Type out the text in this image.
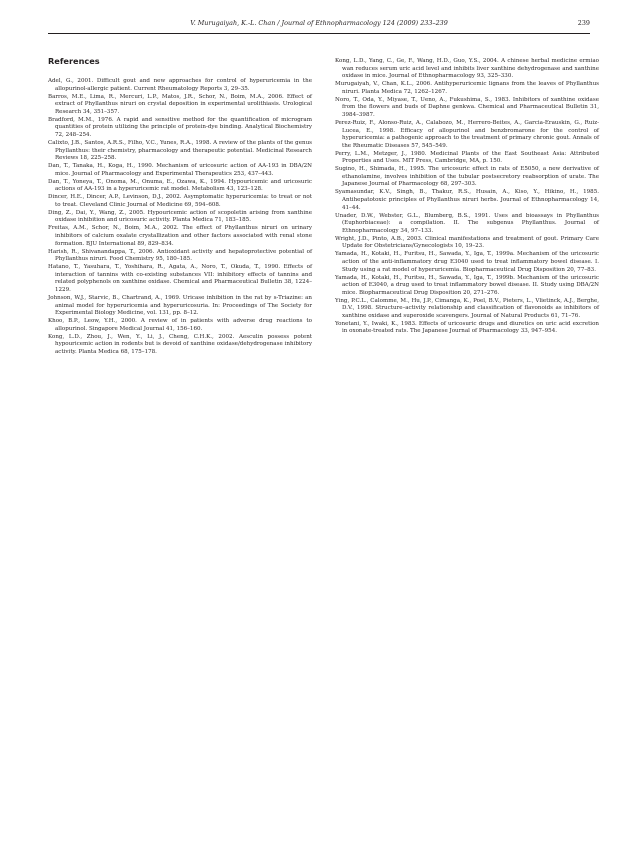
V. Murugaiyah, K.-L. Chan / Journal of Ethnopharmacology 124 (2009) 233–239	239
References

Adel, G., 2001. Difficult gout and new approaches for control of hyperuricemia in the allopurinol-allergic patient. Current Rheumatology Reports 3, 29–35.

Barros, M.E., Lima, R., Mercuri, L.P., Matos, J.R., Schor, N., Boim, M.A., 2006. Effect of extract of Phyllanthus niruri on crystal deposition in experimental urolithiasis. Urological Research 34, 351–357.

Bradford, M.M., 1976. A rapid and sensitive method for the quantification of microgram quantities of protein utilizing the principle of protein-dye binding. Analytical Biochemistry 72, 248–254.

Calixto, J.B., Santos, A.R.S., Filho, V.C., Yunes, R.A., 1998. A review of the plants of the genus Phyllanthus: their chemistry, pharmacology and therapeutic potential. Medicinal Research Reviews 18, 225–258.

Dan, T., Tanaka, H., Koga, H., 1990. Mechanism of uricosuric action of AA-193 in DBA/2N mice. Journal of Pharmacology and Experimental Therapeutics 253, 437–443.

Dan, T., Yoneya, T., Onoma, M., Onuma, E., Ozawa, K., 1994. Hypouricemic and uricosuric actions of AA-193 in a hyperuricemic rat model. Metabolism 43, 123–128.

Dincer, H.E., Dincer, A.P., Levinson, D.J., 2002. Asymptomatic hyperuricemia: to treat or not to treat. Cleveland Clinic Journal of Medicine 69, 594–608.

Ding, Z., Dai, Y., Wang, Z., 2005. Hypouricemic action of scopoletin arising from xanthine oxidase inhibition and uricosuric activity. Planta Medica 71, 183–185.

Freitas, A.M., Schor, N., Boim, M.A., 2002. The effect of Phyllanthus niruri on urinary inhibitors of calcium oxalate crystallization and other factors associated with renal stone formation. BJU International 89, 829–834.

Harish, R., Shivanandappa, T., 2006. Antioxidant activity and hepatoprotective potential of Phyllanthus niruri. Food Chemistry 95, 180–185.

Hatano, T., Yasuhara, T., Yoshihara, R., Agata, A., Noro, T., Okuda, T., 1990. Effects of interaction of tannins with co-existing substances VII: inhibitory effects of tannins and related polyphenols on xanthine oxidase. Chemical and Pharmaceutical Bulletin 38, 1224–1229.

Johnson, W.J., Starvic, B., Chartrand, A., 1969. Uricase inhibition in the rat by s-Triazine: an animal model for hyperuricemia and hyperuricosuria. In: Proceedings of The Society for Experimental Biology Medicine, vol. 131, pp. 8–12.

Khoo, B.P., Leow, Y.H., 2000. A review of in patients with adverse drug reactions to allopurinol. Singapore Medical Journal 41, 156–160.

Kong, L.D., Zhou, J., Wen, Y., Li, J., Cheng, C.H.K., 2002. Aesculin possess potent hypouricemic action in rodents but is devoid of xanthine oxidase/dehydrogenase inhibitory activity. Planta Medica 68, 175–178.

Kong, L.D., Yang, C., Ge, F., Wang, H.D., Guo, Y.S., 2004. A chinese herbal medicine ermiao wan reduces serum uric acid level and inhibits liver xanthine dehydrogenase and xanthine oxidase in mice. Journal of Ethnopharmacology 93, 325–330.

Murugaiyah, V., Chan, K.L., 2006. Antihyperuricemic lignans from the leaves of Phyllanthus niruri. Planta Medica 72, 1262–1267.

Noro, T., Oda, Y., Miyase, T., Ueno, A., Fukushima, S., 1983. Inhibitors of xanthine oxidase from the flowers and buds of Daphne genkwa. Chemical and Pharmaceutical Bulletin 31, 3984–3987.

Perez-Ruiz, F., Alonso-Ruiz, A., Calabozo, M., Herrero-Beites, A., Garcia-Erauskin, G., Ruiz-Lucea, E., 1998. Efficacy of allopurinol and benzbromarone for the control of hyperuricemia: a pathogenic approach to the treatment of primary chronic gout. Annals of the Rheumatic Diseases 57, 545–549.

Perry, L.M., Metzger, J., 1980. Medicinal Plants of the East Southeast Asia: Attributed Properties and Uses. MIT Press, Cambridge, MA, p. 150.

Sugino, H., Shimada, H., 1995. The uricosuric effect in rats of E5050, a new derivative of ethanolamine, involves inhibition of the tubular postsecretory reabsorption of urate. The Japanese Journal of Pharmacology 68, 297–303.

Syamasundar, K.V., Singh, B., Thakur, R.S., Husain, A., Kiso, Y., Hikino, H., 1985. Antihepatotoxic principles of Phyllanthus niruri herbs. Journal of Ethnopharmacology 14, 41–44.

Unader, D.W., Webster, G.L., Blumberg, B.S., 1991. Uses and bioassays in Phyllanthus (Euphorbiaceae): a compilation. II. The subgenus Phyllanthus. Journal of Ethnopharmacology 34, 97–133.

Wright, J.D., Pinto, A.B., 2003. Clinical manifestations and treatment of gout. Primary Care Update for Obstetricians/Gynecologists 10, 19–23.

Yamada, H., Kotaki, H., Furitsu, H., Sawada, Y., Iga, T., 1999a. Mechanism of the uricosuric action of the anti-inflammatory drug E3040 used to treat inflammatory bowel disease. I. Study using a rat model of hyperuricemia. Biopharmaceutical Drug Disposition 20, 77–83.

Yamada, H., Kotaki, H., Furitsu, H., Sawada, Y., Iga, T., 1999b. Mechanism of the uricosuric action of E3040, a drug used to treat inflammatory bowel disease. II. Study using DBA/2N mice. Biopharmaceutical Drug Disposition 20, 271–276.

Ying, P.C.L., Calomme, M., Hu, J.P., Cimanga, K., Poel, B.V., Pieters, L., Vlietinck, A.J., Berghe, D.V., 1998. Structure–activity relationship and classification of flavonoids as inhibitors of xanthine oxidase and superoxide scavengers. Journal of Natural Products 61, 71–76.

Yonetani, Y., Iwaki, K., 1983. Effects of uricosuric drugs and diuretics on uric acid excretion in oxonate-treated rats. The Japanese Journal of Pharmacology 33, 947–954.
